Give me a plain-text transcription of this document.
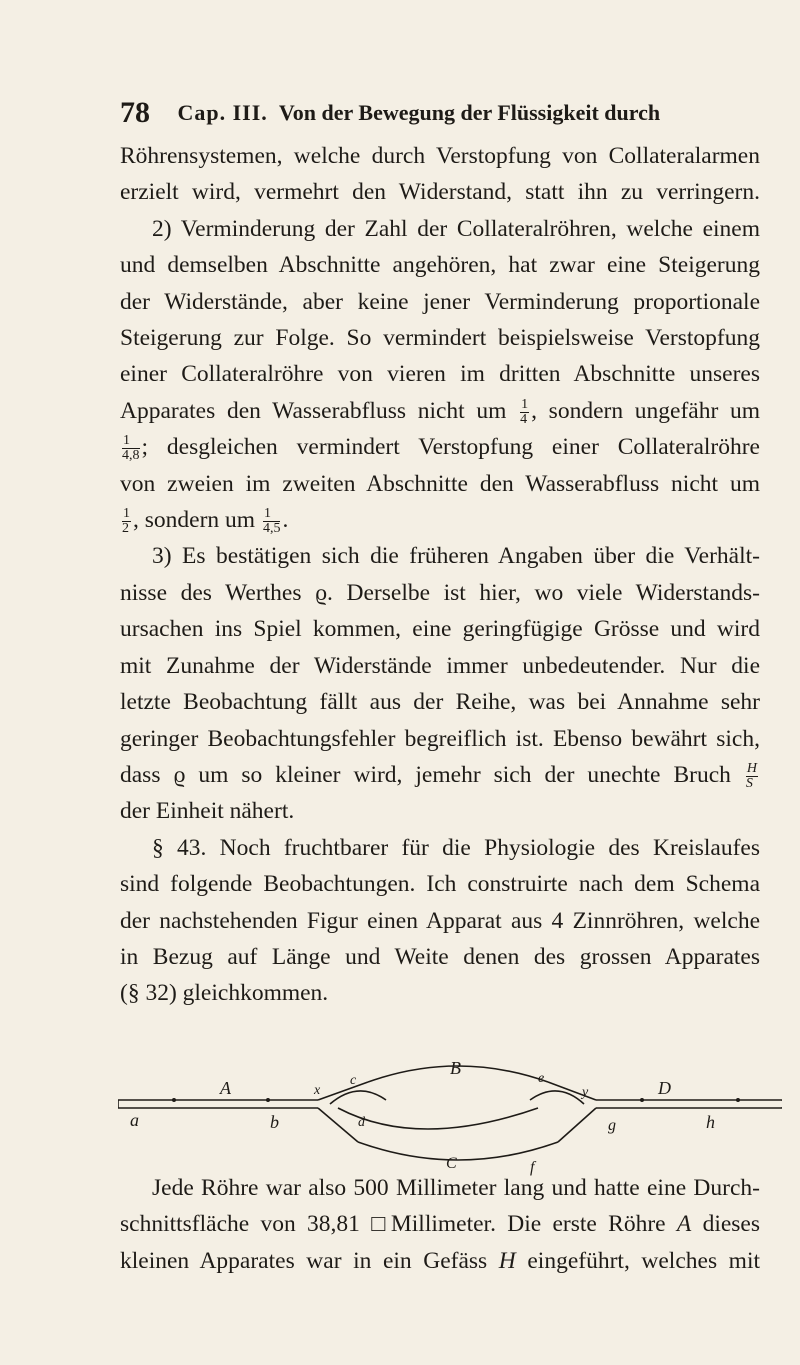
78 Cap. III. Von der Bewegung der Flüssigkeit durch
Röhrensystemen, welche durch Verstopfung von Collateralarmen
erzielt wird, vermehrt den Widerstand, statt ihn zu verringern.
2) Verminderung der Zahl der Collateralröhren, welche einem
und demselben Abschnitte angehören, hat zwar eine Steigerung
der Widerstände, aber keine jener Verminderung proportionale
Steigerung zur Folge. So vermindert beispielsweise Verstopfung
einer Collateralröhre von vieren im dritten Abschnitte unseres
Apparates den Wasserabfluss nicht um $\frac{1}{4}$ , sondern ungefähr um
$\frac{1}{4,8}$ ; desgleichen vermindert Verstopfung einer Collateralröhre
von zweien im zweiten Abschnitte den Wasserabfluss nicht um
$\frac{1}{2}$ , sondern um $\frac{1}{4,5}$ .
3) Es bestätigen sich die früheren Angaben über die Verhält-
nisse des Werthes ϱ. Derselbe ist hier, wo viele Widerstands-
ursachen ins Spiel kommen, eine geringfügige Grösse und wird
mit Zunahme der Widerstände immer unbedeutender. Nur die
letzte Beobachtung fällt aus der Reihe, was bei Annahme sehr
geringer Beobachtungsfehler begreiflich ist. Ebenso bewährt sich,
dass ϱ um so kleiner wird, jemehr sich der unechte Bruch $\frac{H}{S}$
der Einheit nähert.
§ 43. Noch fruchtbarer für die Physiologie des Kreislaufes
sind folgende Beobachtungen. Ich construirte nach dem Schema
der nachstehenden Figur einen Apparat aus 4 Zinnröhren, welche
in Bezug auf Länge und Weite denen des grossen Apparates
(§ 32) gleichkommen.
B
A	D
a	b	h
x
c	e
d
y
g
C	f
Jede Röhre war also 500 Millimeter lang und hatte eine Durch-
schnittsfläche von 38,81 □Millimeter. Die erste Röhre A dieses
kleinen Apparates war in ein Gefäss H eingeführt, welches mit
